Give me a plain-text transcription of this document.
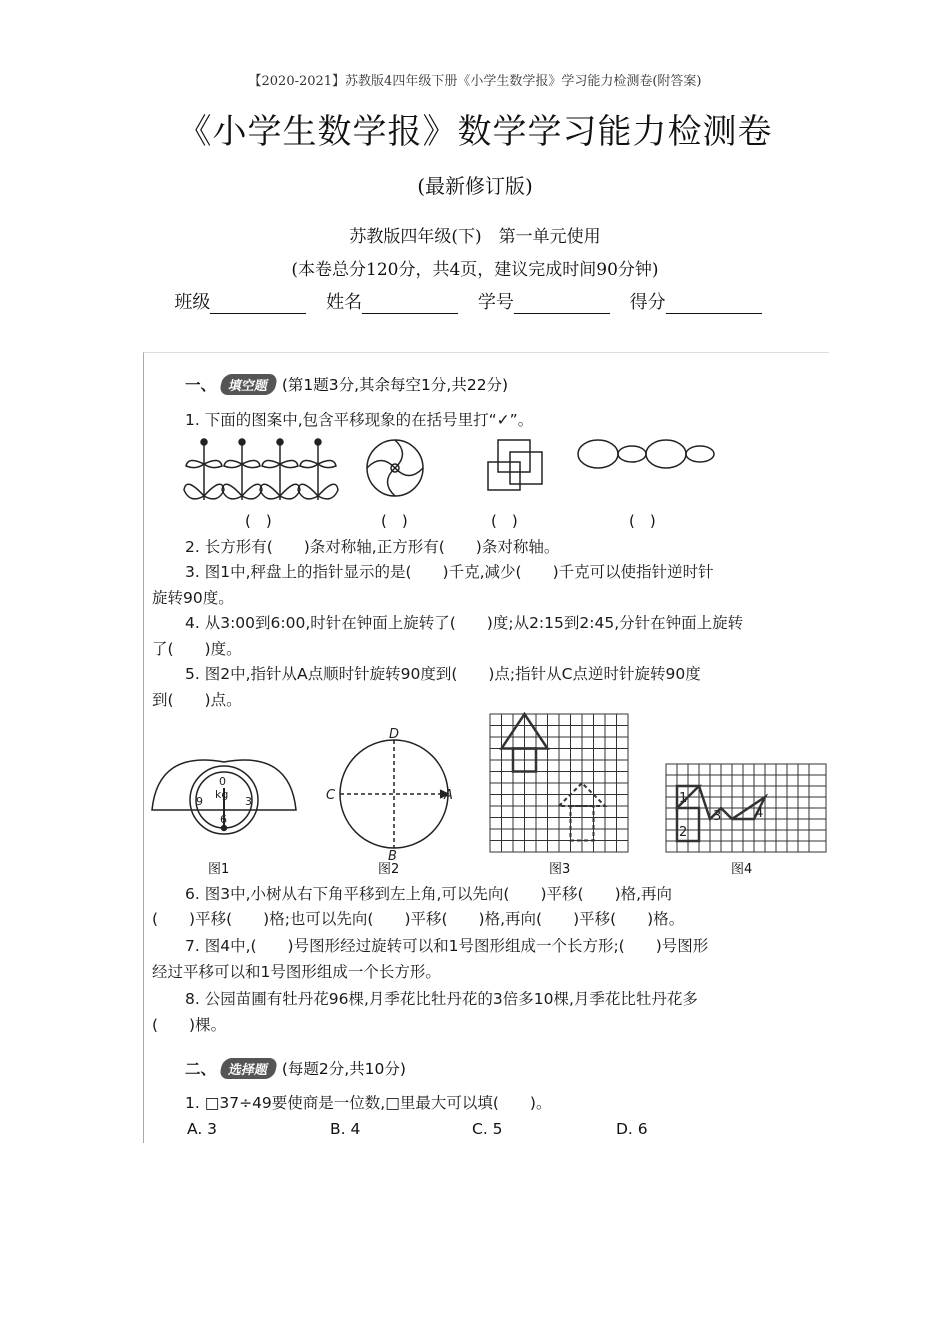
【2020-2021】苏教版4四年级下册《小学生数学报》学习能力检测卷(附答案)
《小学生数学报》数学学习能力检测卷
(最新修订版)
苏教版四年级(下)　第一单元使用
(本卷总分120分，共4页，建议完成时间90分钟)
班级	姓名	学号	得分
一、 填空题 (第1题3分,其余每空1分,共22分)
1. 下面的图案中,包含平移现象的在括号里打“✓”。
(　)	(　)	(　)	(　)
2. 长方形有(　　)条对称轴,正方形有(　　)条对称轴。
3. 图1中,秤盘上的指针显示的是(　　)千克,减少(　　)千克可以使指针逆时针
旋转90度。
4. 从3:00到6:00,时针在钟面上旋转了(　　)度;从2:15到2:45,分针在钟面上旋转
了(　　)度。
5. 图2中,指针从A点顺时针旋转90度到(　　)点;指针从C点逆时针旋转90度
到(　　)点。
0
kg
9	3
6
D
C	A
B
1
2
3	4
图1	图2	图3	图4
6. 图3中,小树从右下角平移到左上角,可以先向(　　)平移(　　)格,再向
(　　)平移(　　)格;也可以先向(　　)平移(　　)格,再向(　　)平移(　　)格。
7. 图4中,(　　)号图形经过旋转可以和1号图形组成一个长方形;(　　)号图形
经过平移可以和1号图形组成一个长方形。
8. 公园苗圃有牡丹花96棵,月季花比牡丹花的3倍多10棵,月季花比牡丹花多
(　　)棵。
二、 选择题 (每题2分,共10分)
1. □37÷49要使商是一位数,□里最大可以填(　　)。
A. 3	B. 4	C. 5	D. 6
